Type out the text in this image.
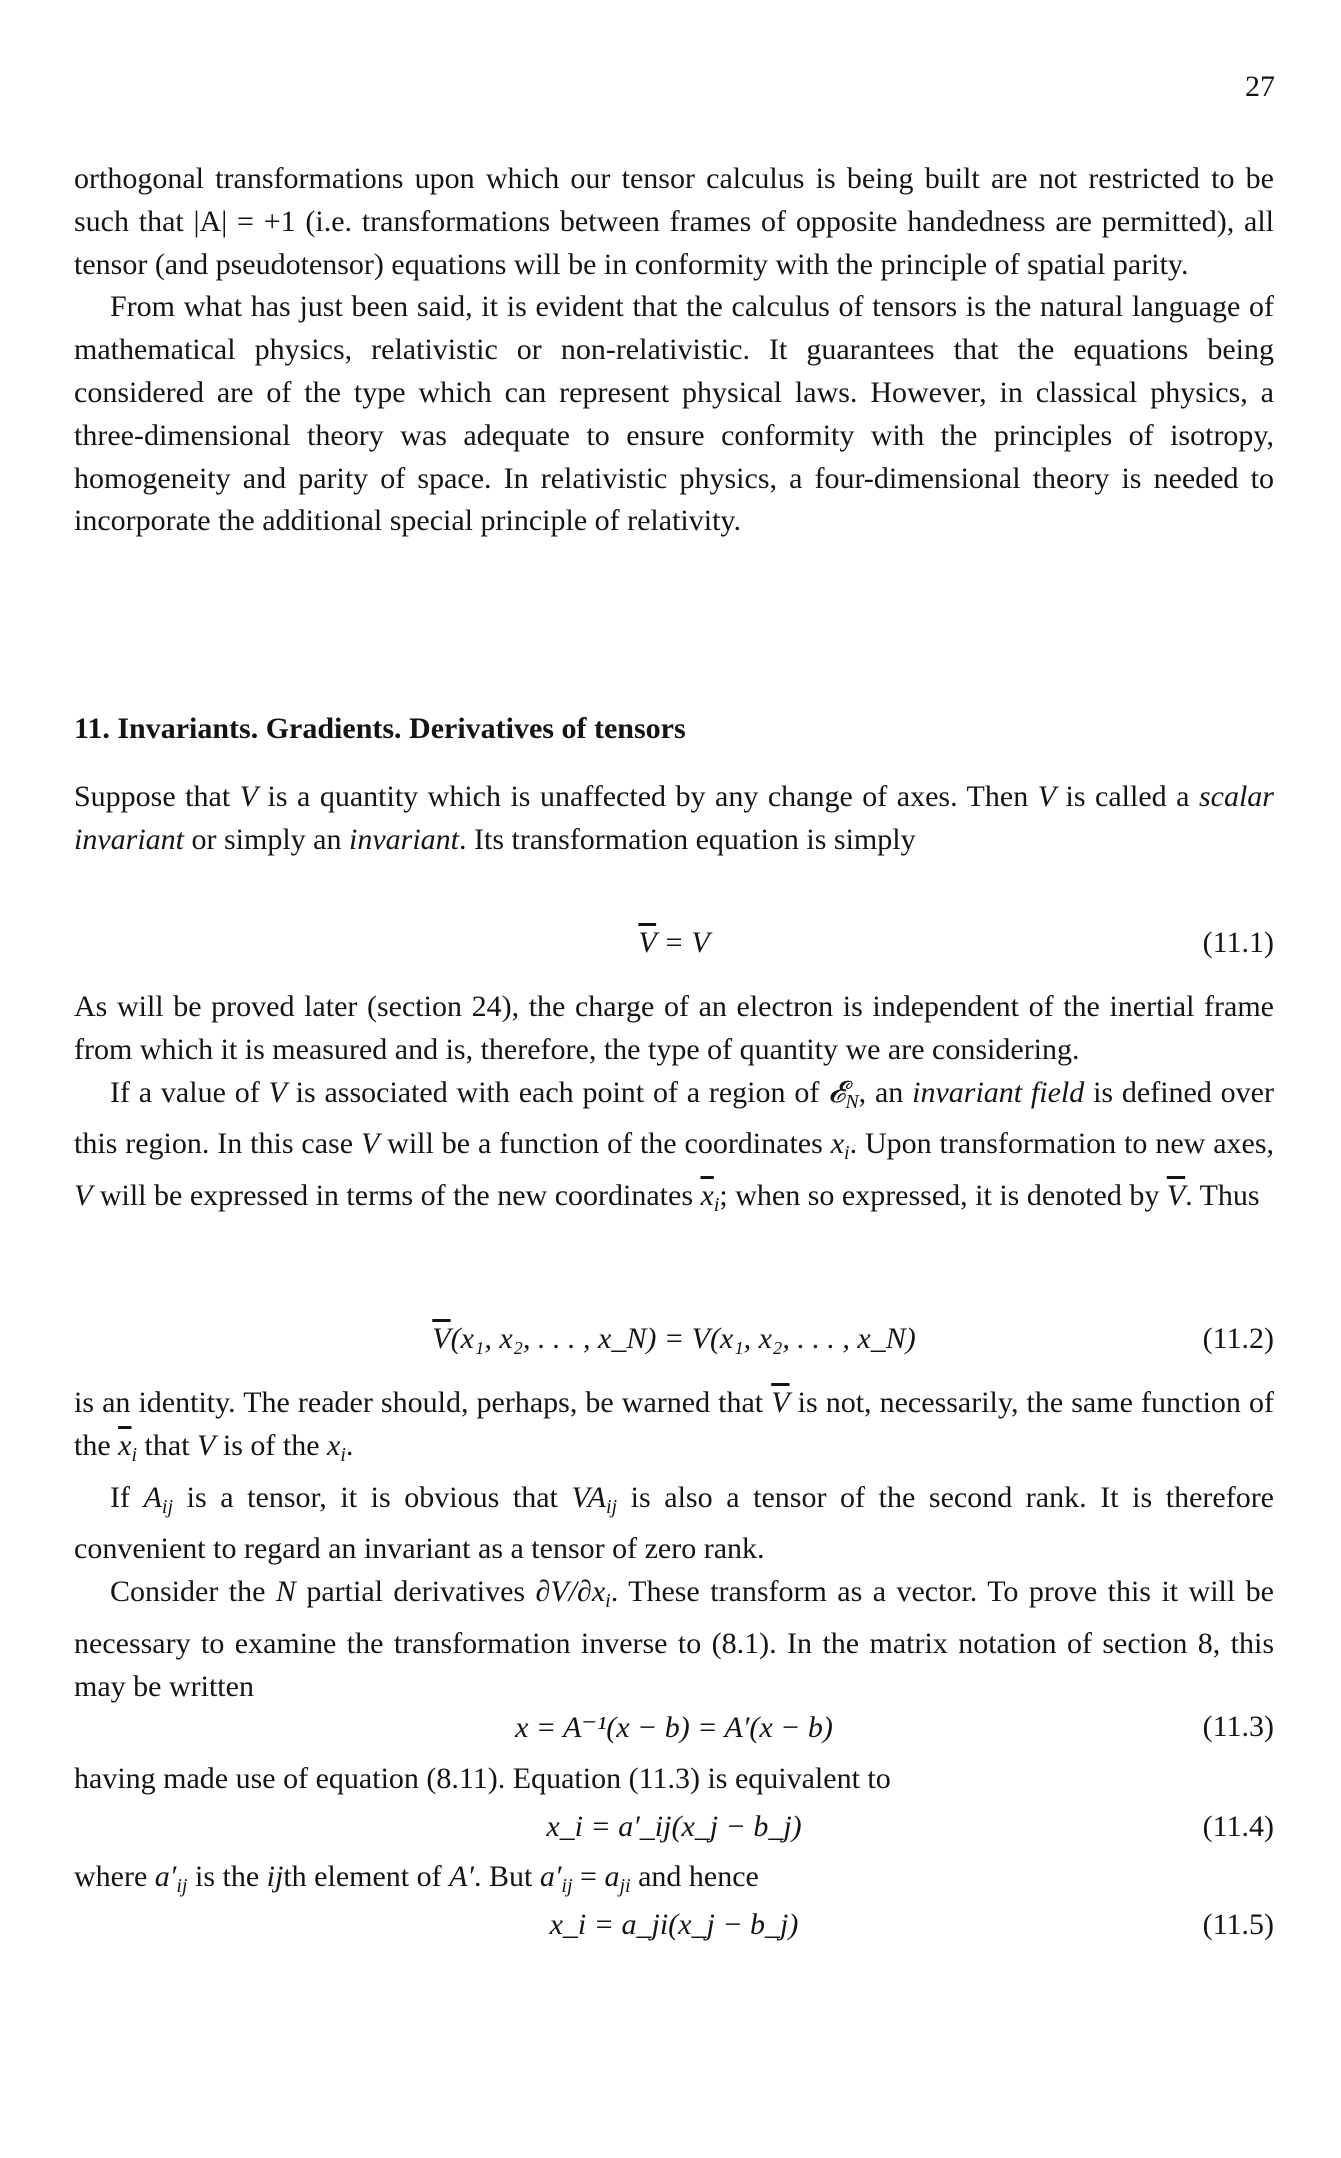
27

orthogonal transformations upon which our tensor calculus is being built are not restricted to be such that |A| = +1 (i.e. transformations between frames of opposite handedness are permitted), all tensor (and pseudotensor) equations will be in conformity with the principle of spatial parity.

From what has just been said, it is evident that the calculus of tensors is the natural language of mathematical physics, relativistic or non-relativistic. It guarantees that the equations being considered are of the type which can represent physical laws. However, in classical physics, a three-dimensional theory was adequate to ensure conformity with the principles of isotropy, homogeneity and parity of space. In relativistic physics, a four-dimensional theory is needed to incorporate the additional special principle of relativity.

11. Invariants. Gradients. Derivatives of tensors

Suppose that V is a quantity which is unaffected by any change of axes. Then V is called a scalar invariant or simply an invariant. Its transformation equation is simply

$\overline{V} = V$	(11.1)

As will be proved later (section 24), the charge of an electron is independent of the inertial frame from which it is measured and is, therefore, the type of quantity we are considering.

If a value of V is associated with each point of a region of 𝓔$_N$, an invariant field is defined over this region. In this case V will be a function of the coordinates $x_i$. Upon transformation to new axes, V will be expressed in terms of the new coordinates $\overline{x}_i$; when so expressed, it is denoted by $\overline{V}$. Thus

$\overline{V}(x_1$, x₂, . . . , x_N) = V(x₁, x₂, . . . , x_N)	(11.2)

is an identity. The reader should, perhaps, be warned that $\overline{V}$ is not, necessarily, the same function of the $\overline{x}_i$ that V is of the $x_i$.

If $A_{ij}$ is a tensor, it is obvious that $VA_{ij}$ is also a tensor of the second rank. It is therefore convenient to regard an invariant as a tensor of zero rank.

Consider the N partial derivatives $\partial V/\partial x_i$. These transform as a vector. To prove this it will be necessary to examine the transformation inverse to (8.1). In the matrix notation of section 8, this may be written

x = A⁻¹(x − b) = A′(x − b)	(11.3)

having made use of equation (8.11). Equation (11.3) is equivalent to

x_i = a′_ij(x_j − b_j)	(11.4)

where $a'_{ij}$ is the ijth element of A′. But $a'_{ij} = a_{ji}$ and hence

x_i = a_ji(x_j − b_j)	(11.5)
